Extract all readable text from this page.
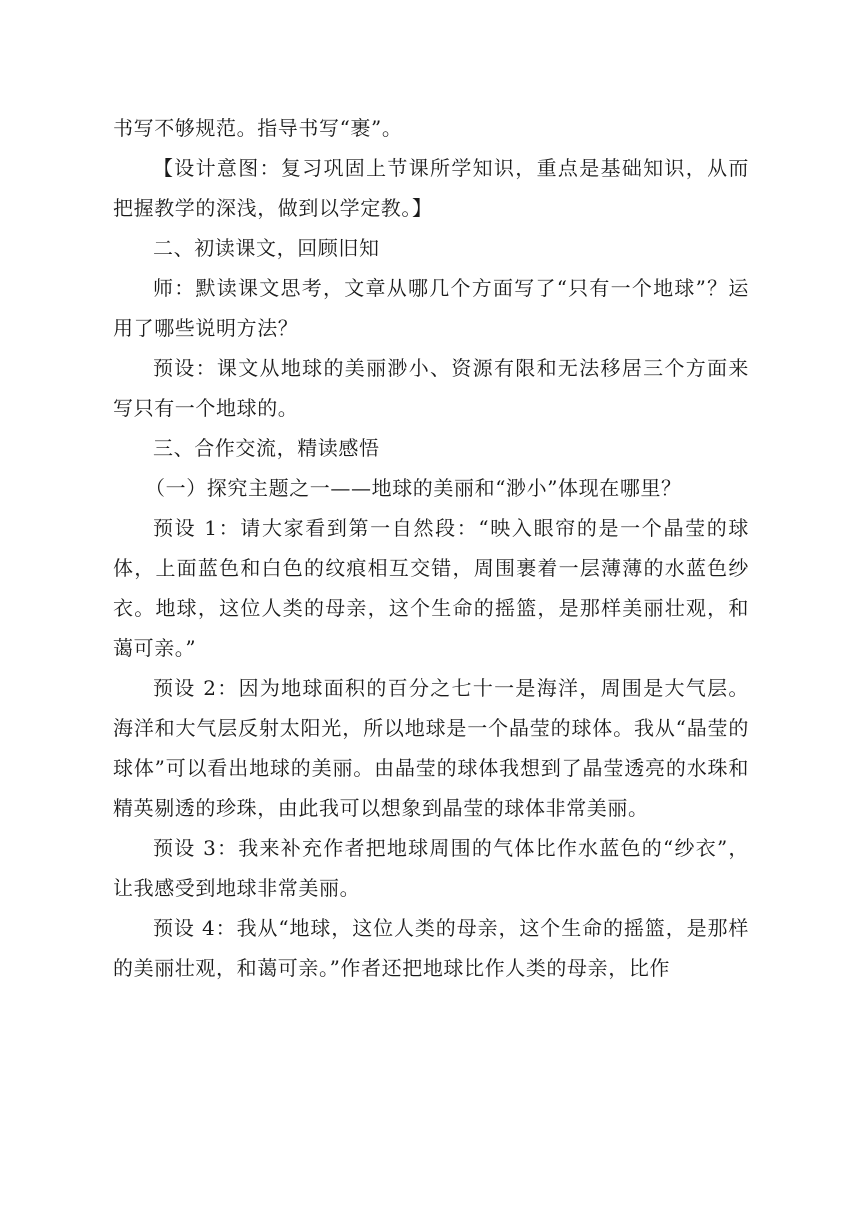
书写不够规范。指导书写“裹”。

【设计意图：复习巩固上节课所学知识，重点是基础知识，从而把握教学的深浅，做到以学定教。】

二、初读课文，回顾旧知

师：默读课文思考，文章从哪几个方面写了“只有一个地球”？运用了哪些说明方法？

预设：课文从地球的美丽渺小、资源有限和无法移居三个方面来写只有一个地球的。

三、合作交流，精读感悟

（一）探究主题之一——地球的美丽和“渺小”体现在哪里？

预设 1：请大家看到第一自然段：“映入眼帘的是一个晶莹的球体，上面蓝色和白色的纹痕相互交错，周围裹着一层薄薄的水蓝色纱衣。地球，这位人类的母亲，这个生命的摇篮，是那样美丽壮观，和蔼可亲。”

预设 2：因为地球面积的百分之七十一是海洋，周围是大气层。海洋和大气层反射太阳光，所以地球是一个晶莹的球体。我从“晶莹的球体”可以看出地球的美丽。由晶莹的球体我想到了晶莹透亮的水珠和精英剔透的珍珠，由此我可以想象到晶莹的球体非常美丽。

预设 3：我来补充作者把地球周围的气体比作水蓝色的“纱衣”，让我感受到地球非常美丽。

预设 4：我从“地球，这位人类的母亲，这个生命的摇篮，是那样的美丽壮观，和蔼可亲。”作者还把地球比作人类的母亲，比作
